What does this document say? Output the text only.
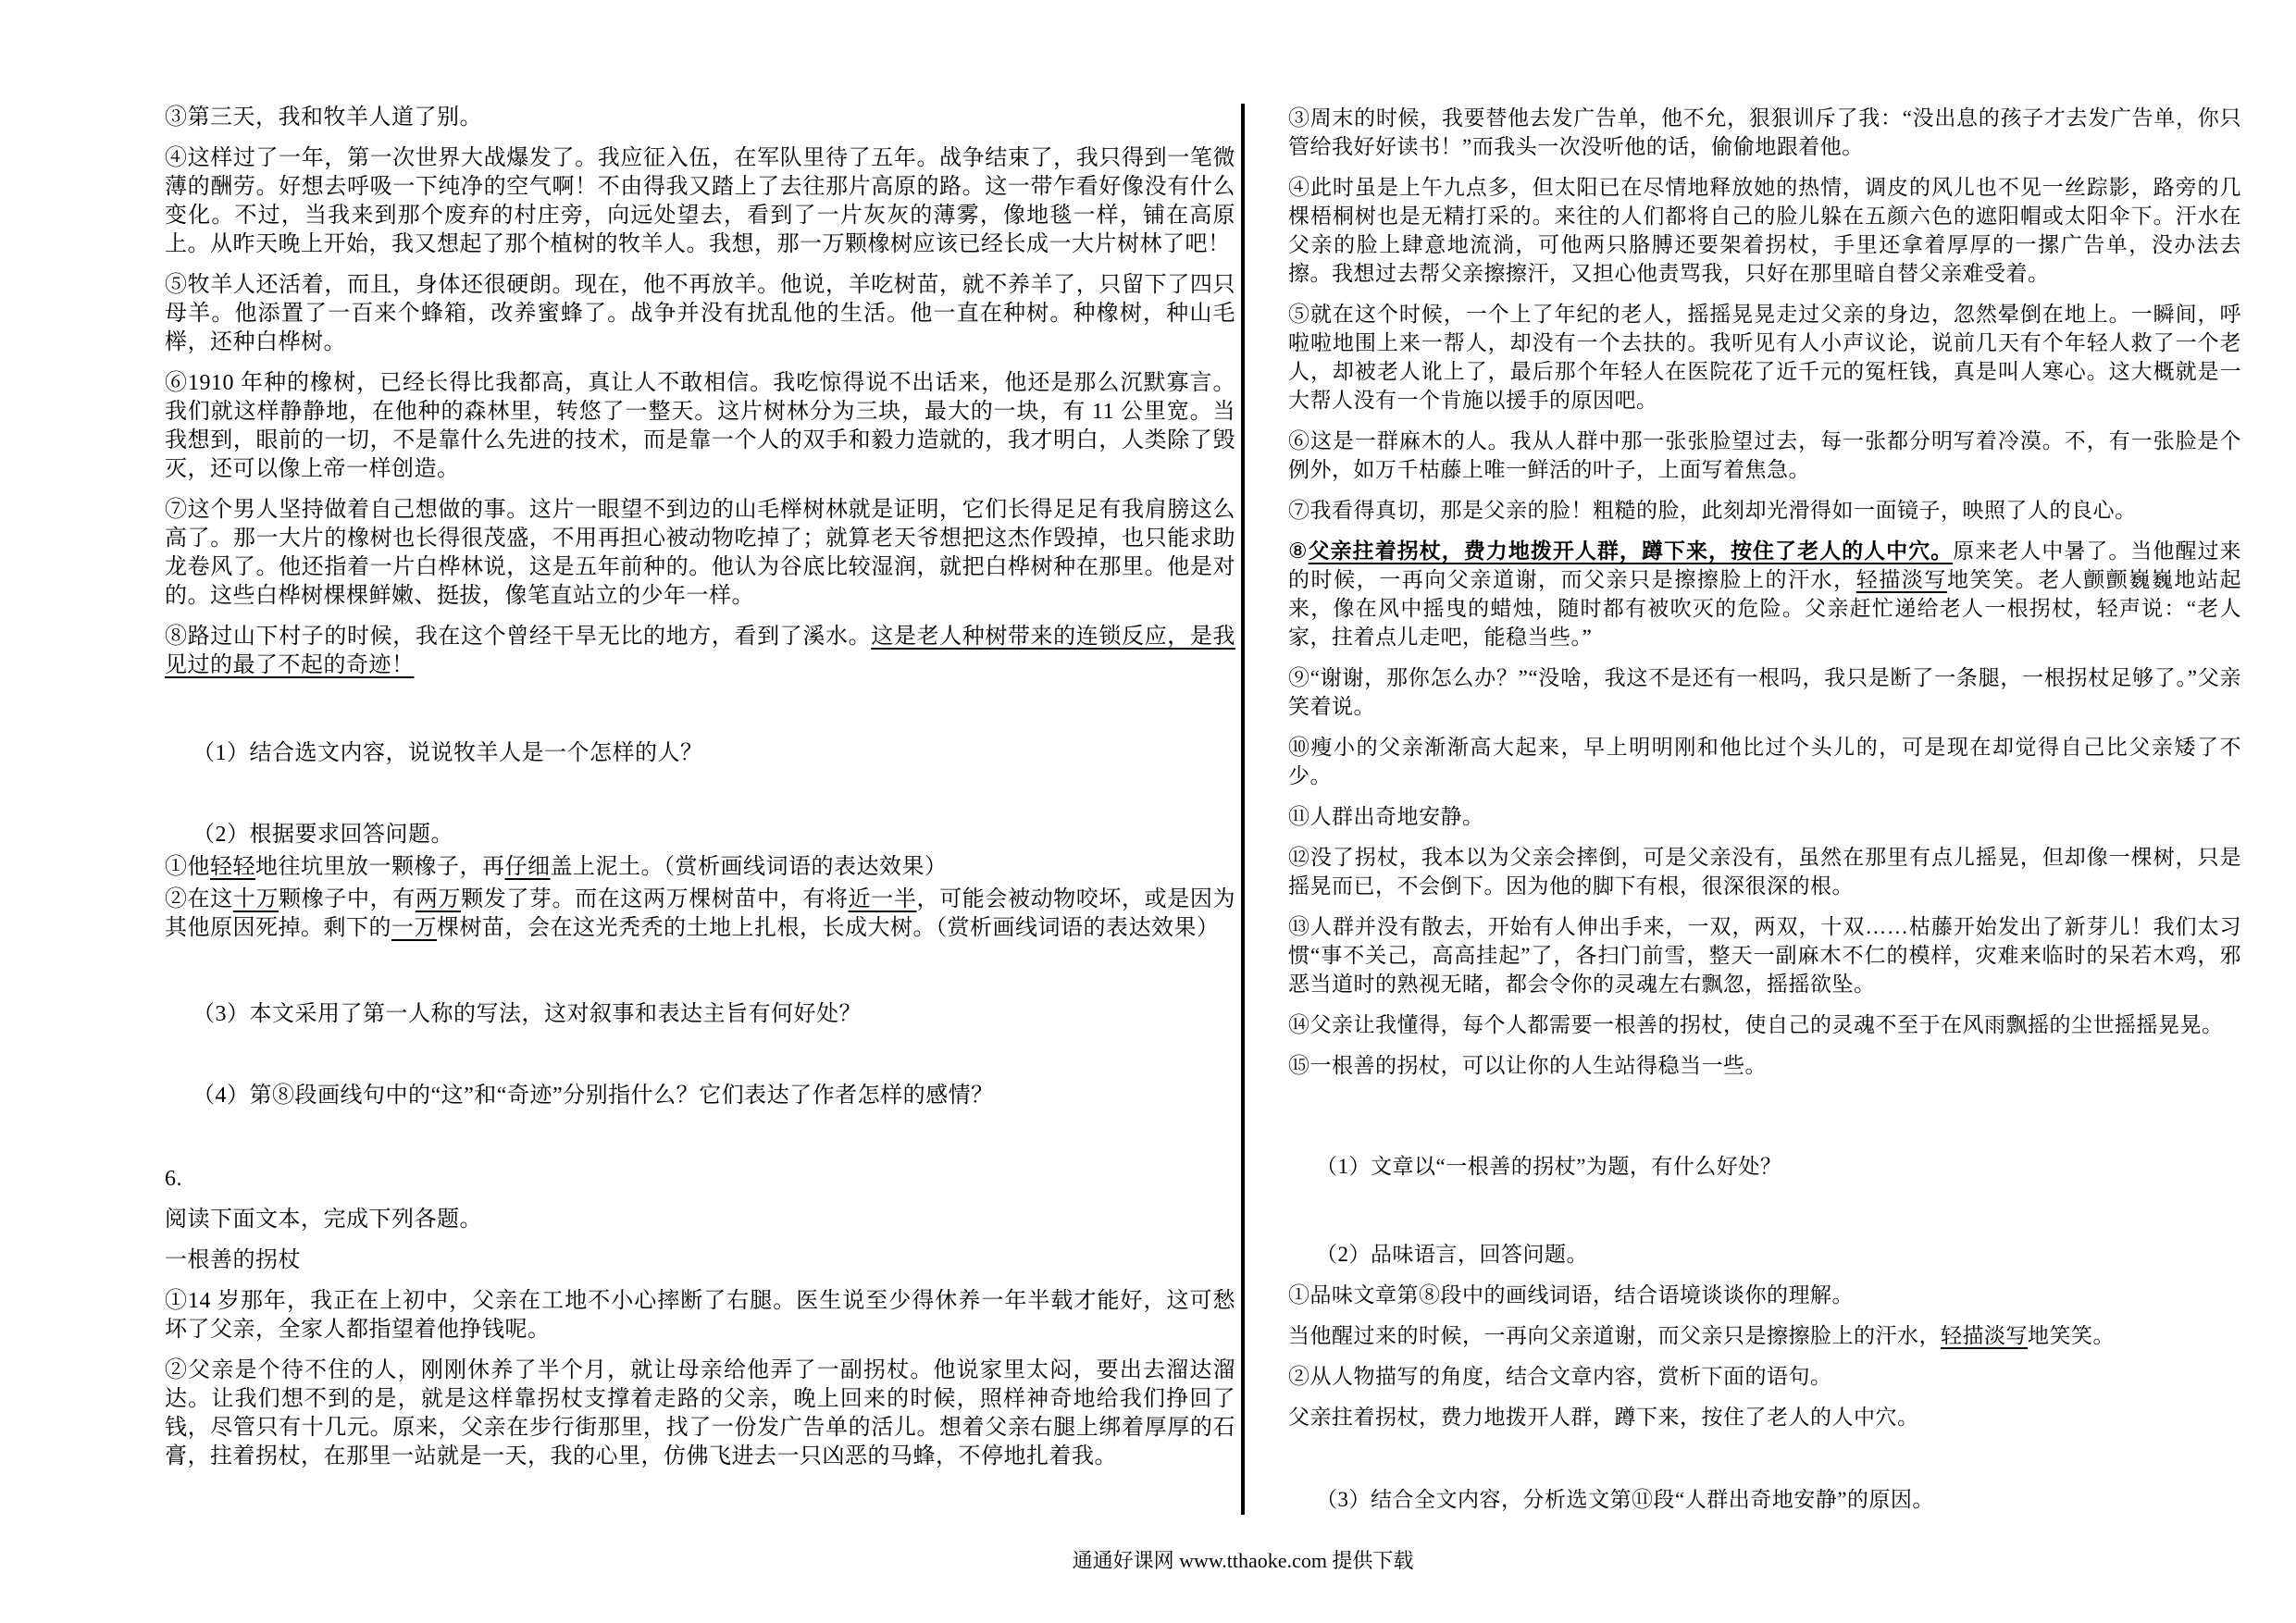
③第三天，我和牧羊人道了别。

④这样过了一年，第一次世界大战爆发了。我应征入伍，在军队里待了五年。战争结束了，我只得到一笔微薄的酬劳。好想去呼吸一下纯净的空气啊！不由得我又踏上了去往那片高原的路。这一带乍看好像没有什么变化。不过，当我来到那个废弃的村庄旁，向远处望去，看到了一片灰灰的薄雾，像地毯一样，铺在高原上。从昨天晚上开始，我又想起了那个植树的牧羊人。我想，那一万颗橡树应该已经长成一大片树林了吧！

⑤牧羊人还活着，而且，身体还很硬朗。现在，他不再放羊。他说，羊吃树苗，就不养羊了，只留下了四只母羊。他添置了一百来个蜂箱，改养蜜蜂了。战争并没有扰乱他的生活。他一直在种树。种橡树，种山毛榉，还种白桦树。

⑥1910 年种的橡树，已经长得比我都高，真让人不敢相信。我吃惊得说不出话来，他还是那么沉默寡言。我们就这样静静地，在他种的森林里，转悠了一整天。这片树林分为三块，最大的一块，有 11 公里宽。当我想到，眼前的一切，不是靠什么先进的技术，而是靠一个人的双手和毅力造就的，我才明白，人类除了毁灭，还可以像上帝一样创造。

⑦这个男人坚持做着自己想做的事。这片一眼望不到边的山毛榉树林就是证明，它们长得足足有我肩膀这么高了。那一大片的橡树也长得很茂盛，不用再担心被动物吃掉了；就算老天爷想把这杰作毁掉，也只能求助龙卷风了。他还指着一片白桦林说，这是五年前种的。他认为谷底比较湿润，就把白桦树种在那里。他是对的。这些白桦树棵棵鲜嫩、挺拔，像笔直站立的少年一样。

⑧路过山下村子的时候，我在这个曾经干旱无比的地方，看到了溪水。这是老人种树带来的连锁反应，是我见过的最了不起的奇迹！

（1）结合选文内容，说说牧羊人是一个怎样的人？

（2）根据要求回答问题。

①他轻轻地往坑里放一颗橡子，再仔细盖上泥土。（赏析画线词语的表达效果）

②在这十万颗橡子中，有两万颗发了芽。而在这两万棵树苗中，有将近一半，可能会被动物咬坏，或是因为其他原因死掉。剩下的一万棵树苗，会在这光秃秃的土地上扎根，长成大树。（赏析画线词语的表达效果）

（3）本文采用了第一人称的写法，这对叙事和表达主旨有何好处？

（4）第⑧段画线句中的“这”和“奇迹”分别指什么？它们表达了作者怎样的感情？

6.

阅读下面文本，完成下列各题。

一根善的拐杖

①14 岁那年，我正在上初中，父亲在工地不小心摔断了右腿。医生说至少得休养一年半载才能好，这可愁坏了父亲，全家人都指望着他挣钱呢。

②父亲是个待不住的人，刚刚休养了半个月，就让母亲给他弄了一副拐杖。他说家里太闷，要出去溜达溜达。让我们想不到的是，就是这样靠拐杖支撑着走路的父亲，晚上回来的时候，照样神奇地给我们挣回了钱，尽管只有十几元。原来，父亲在步行街那里，找了一份发广告单的活儿。想着父亲右腿上绑着厚厚的石膏，拄着拐杖，在那里一站就是一天，我的心里，仿佛飞进去一只凶恶的马蜂，不停地扎着我。

③周末的时候，我要替他去发广告单，他不允，狠狠训斥了我：“没出息的孩子才去发广告单，你只管给我好好读书！”而我头一次没听他的话，偷偷地跟着他。

④此时虽是上午九点多，但太阳已在尽情地释放她的热情，调皮的风儿也不见一丝踪影，路旁的几棵梧桐树也是无精打采的。来往的人们都将自己的脸儿躲在五颜六色的遮阳帽或太阳伞下。汗水在父亲的脸上肆意地流淌，可他两只胳膊还要架着拐杖，手里还拿着厚厚的一摞广告单，没办法去擦。我想过去帮父亲擦擦汗，又担心他责骂我，只好在那里暗自替父亲难受着。

⑤就在这个时候，一个上了年纪的老人，摇摇晃晃走过父亲的身边，忽然晕倒在地上。一瞬间，呼啦啦地围上来一帮人，却没有一个去扶的。我听见有人小声议论，说前几天有个年轻人救了一个老人，却被老人讹上了，最后那个年轻人在医院花了近千元的冤枉钱，真是叫人寒心。这大概就是一大帮人没有一个肯施以援手的原因吧。

⑥这是一群麻木的人。我从人群中那一张张脸望过去，每一张都分明写着冷漠。不，有一张脸是个例外，如万千枯藤上唯一鲜活的叶子，上面写着焦急。

⑦我看得真切，那是父亲的脸！粗糙的脸，此刻却光滑得如一面镜子，映照了人的良心。

⑧父亲拄着拐杖，费力地拨开人群，蹲下来，按住了老人的人中穴。原来老人中暑了。当他醒过来的时候，一再向父亲道谢，而父亲只是擦擦脸上的汗水，轻描淡写地笑笑。老人颤颤巍巍地站起来，像在风中摇曳的蜡烛，随时都有被吹灭的危险。父亲赶忙递给老人一根拐杖，轻声说：“老人家，拄着点儿走吧，能稳当些。”

⑨“谢谢，那你怎么办？”“没啥，我这不是还有一根吗，我只是断了一条腿，一根拐杖足够了。”父亲笑着说。

⑩瘦小的父亲渐渐高大起来，早上明明刚和他比过个头儿的，可是现在却觉得自己比父亲矮了不少。

⑪人群出奇地安静。

⑫没了拐杖，我本以为父亲会摔倒，可是父亲没有，虽然在那里有点儿摇晃，但却像一棵树，只是摇晃而已，不会倒下。因为他的脚下有根，很深很深的根。

⑬人群并没有散去，开始有人伸出手来，一双，两双，十双……枯藤开始发出了新芽儿！我们太习惯“事不关己，高高挂起”了，各扫门前雪，整天一副麻木不仁的模样，灾难来临时的呆若木鸡，邪恶当道时的熟视无睹，都会令你的灵魂左右飘忽，摇摇欲坠。

⑭父亲让我懂得，每个人都需要一根善的拐杖，使自己的灵魂不至于在风雨飘摇的尘世摇摇晃晃。

⑮一根善的拐杖，可以让你的人生站得稳当一些。

（1）文章以“一根善的拐杖”为题，有什么好处？

（2）品味语言，回答问题。

①品味文章第⑧段中的画线词语，结合语境谈谈你的理解。

当他醒过来的时候，一再向父亲道谢，而父亲只是擦擦脸上的汗水，轻描淡写地笑笑。

②从人物描写的角度，结合文章内容，赏析下面的语句。

父亲拄着拐杖，费力地拨开人群，蹲下来，按住了老人的人中穴。

（3）结合全文内容，分析选文第⑪段“人群出奇地安静”的原因。

通通好课网 www.tthaoke.com 提供下载
